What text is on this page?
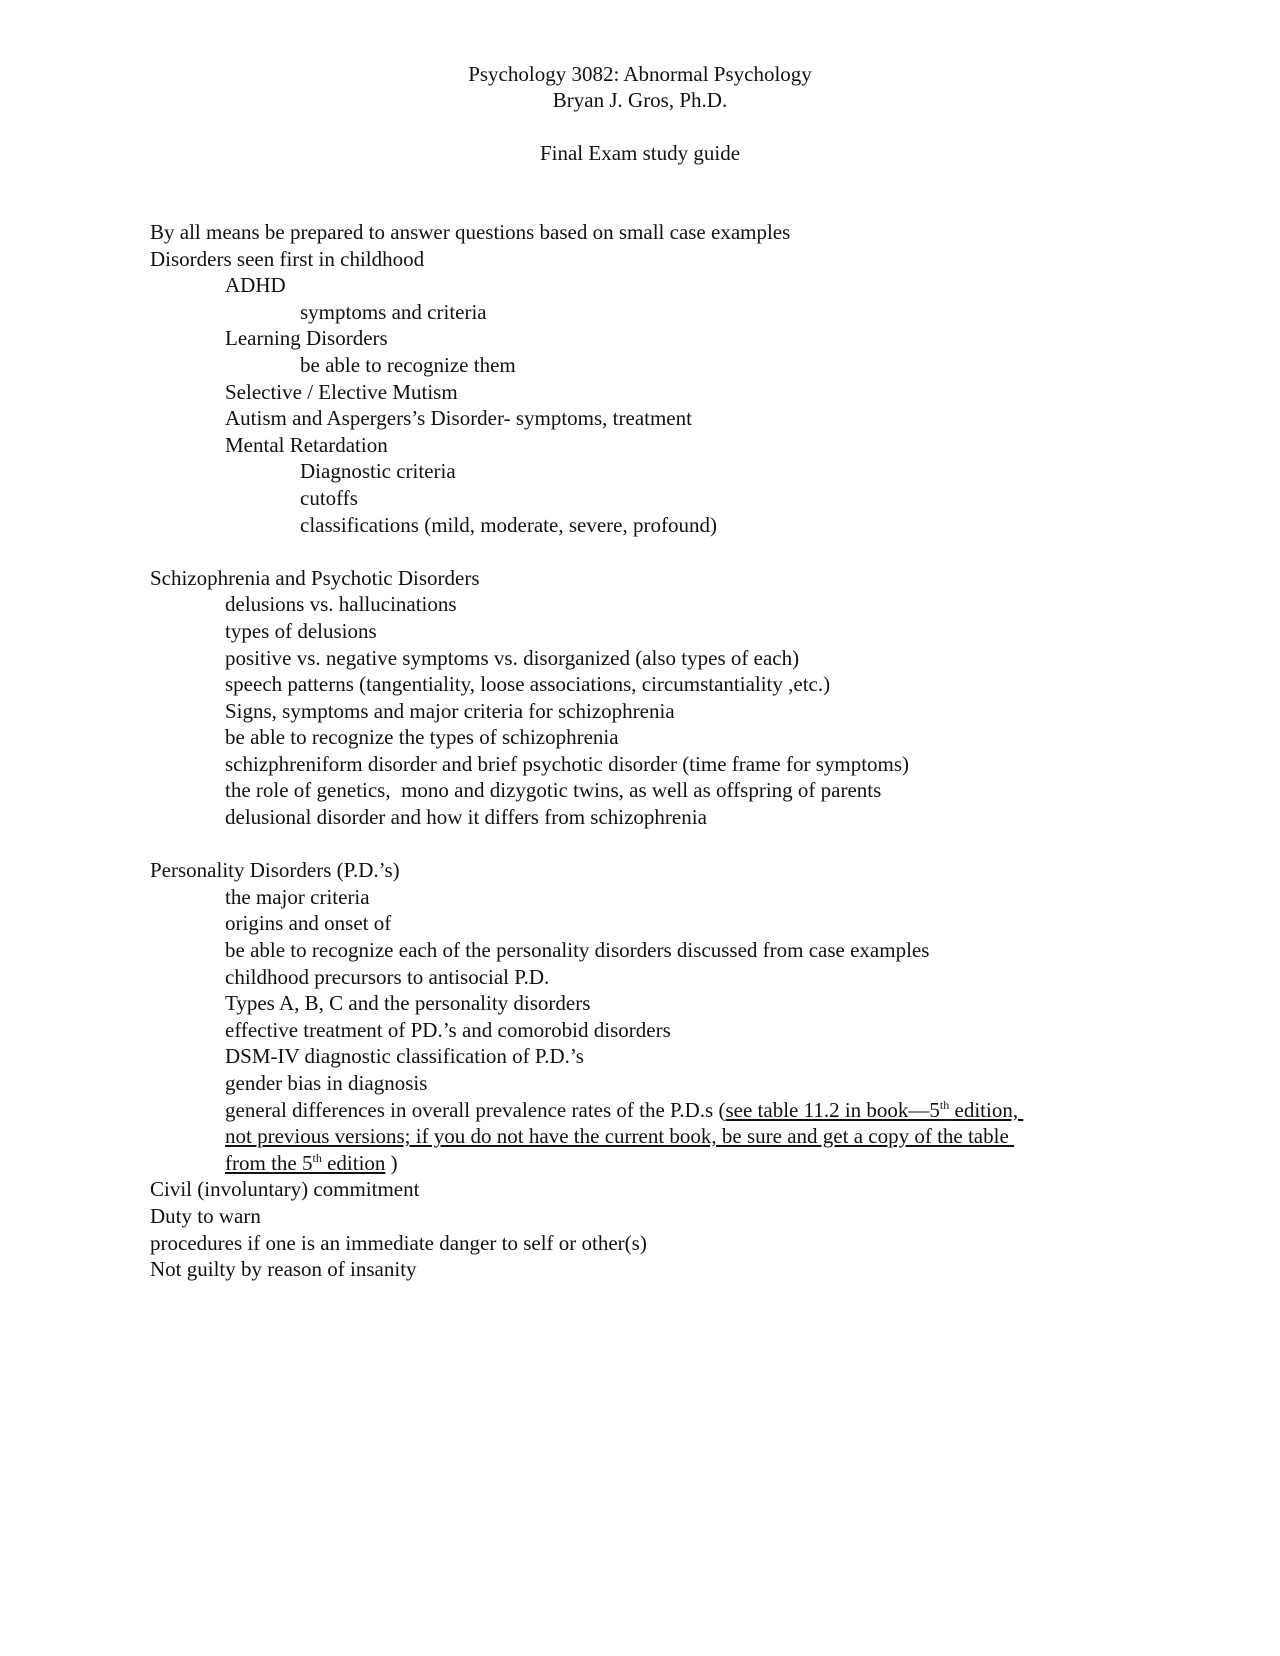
Psychology 3082: Abnormal Psychology
Bryan J. Gros, Ph.D.
Final Exam study guide
By all means be prepared to answer questions based on small case examples
Disorders seen first in childhood
ADHD
symptoms and criteria
Learning Disorders
be able to recognize them
Selective / Elective Mutism
Autism and Aspergers’s Disorder- symptoms, treatment
Mental Retardation
Diagnostic criteria
cutoffs
classifications (mild, moderate, severe, profound)
Schizophrenia and Psychotic Disorders
delusions vs. hallucinations
types of delusions
positive vs. negative symptoms vs. disorganized (also types of each)
speech patterns (tangentiality, loose associations, circumstantiality ,etc.)
Signs, symptoms and major criteria for schizophrenia
be able to recognize the types of schizophrenia
schizphreniform disorder and brief psychotic disorder (time frame for symptoms)
the role of genetics,  mono and dizygotic twins, as well as offspring of parents
delusional disorder and how it differs from schizophrenia
Personality Disorders (P.D.’s)
the major criteria
origins and onset of
be able to recognize each of the personality disorders discussed from case examples
childhood precursors to antisocial P.D.
Types A, B, C and the personality disorders
effective treatment of PD.’s and comorobid disorders
DSM-IV diagnostic classification of P.D.’s
gender bias in diagnosis
general differences in overall prevalence rates of the P.D.s (see table 11.2 in book—5th edition,
not previous versions; if you do not have the current book, be sure and get a copy of the table
from the 5th edition )
Civil (involuntary) commitment
Duty to warn
procedures if one is an immediate danger to self or other(s)
Not guilty by reason of insanity
